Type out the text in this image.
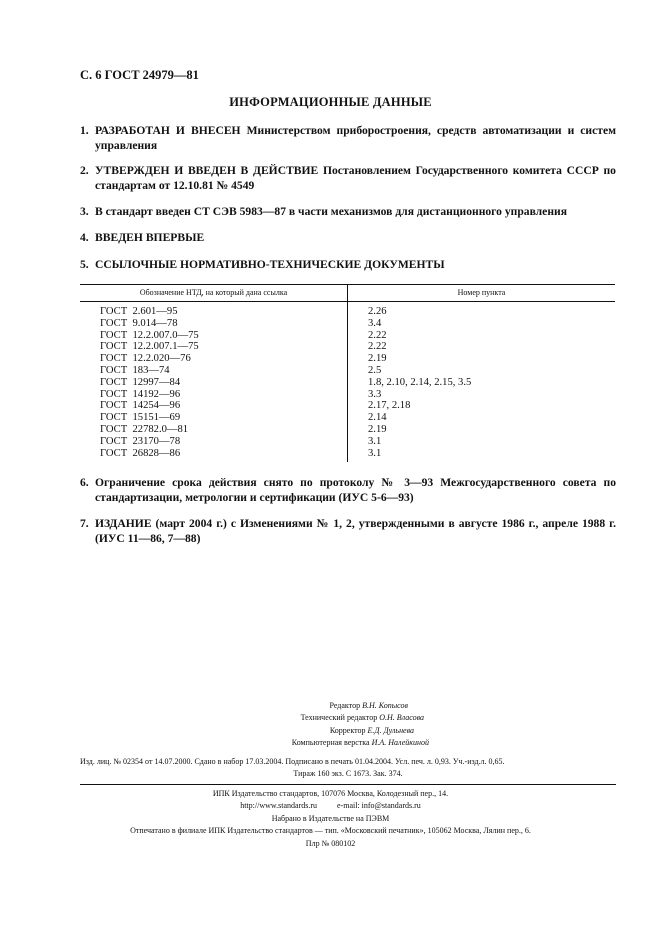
С. 6 ГОСТ 24979—81
ИНФОРМАЦИОННЫЕ ДАННЫЕ
1. РАЗРАБОТАН И ВНЕСЕН Министерством приборостроения, средств автоматизации и систем управления
2. УТВЕРЖДЕН И ВВЕДЕН В ДЕЙСТВИЕ Постановлением Государственного комитета СССР по стандартам от 12.10.81 № 4549
3. В стандарт введен СТ СЭВ 5983—87 в части механизмов для дистанционного управления
4. ВВЕДЕН ВПЕРВЫЕ
5. ССЫЛОЧНЫЕ НОРМАТИВНО-ТЕХНИЧЕСКИЕ ДОКУМЕНТЫ
Обозначение НТД, на который дана ссылка	Номер пункта
ГОСТ  2.601—95	2.26
ГОСТ  9.014—78	3.4
ГОСТ  12.2.007.0—75	2.22
ГОСТ  12.2.007.1—75	2.22
ГОСТ  12.2.020—76	2.19
ГОСТ  183—74	2.5
ГОСТ  12997—84	1.8, 2.10, 2.14, 2.15, 3.5
ГОСТ  14192—96	3.3
ГОСТ  14254—96	2.17, 2.18
ГОСТ  15151—69	2.14
ГОСТ  22782.0—81	2.19
ГОСТ  23170—78	3.1
ГОСТ  26828—86	3.1
6. Ограничение срока действия снято по протоколу № 3—93 Межгосударственного совета по стандартизации, метрологии и сертификации (ИУС 5-6—93)
7. ИЗДАНИЕ (март 2004 г.) с Изменениями № 1, 2, утвержденными в августе 1986 г., апреле 1988 г. (ИУС 11—86, 7—88)
Редактор В.Н. Копысов
Технический редактор О.Н. Власова
Корректор Е.Д. Дульнева
Компьютерная верстка И.А. Налейкиной
Изд. лиц. № 02354 от 14.07.2000. Сдано в набор 17.03.2004. Подписано в печать 01.04.2004. Усл. печ. л. 0,93. Уч.-изд.л. 0,65.
Тираж 160 экз. С 1673. Зак. 374.
ИПК Издательство стандартов, 107076 Москва, Колодезный пер., 14.
http://www.standards.ru          e-mail: info@standards.ru
Набрано в Издательстве на ПЭВМ
Отпечатано в филиале ИПК Издательство стандартов — тип. «Московский печатник», 105062 Москва, Лялин пер., 6.
Плр № 080102
